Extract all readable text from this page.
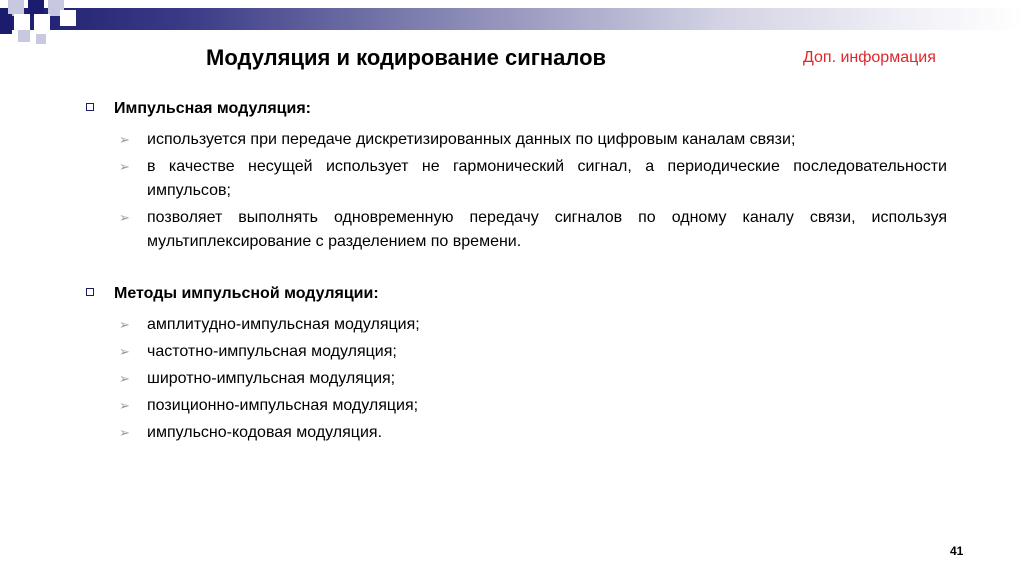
Модуляция и кодирование сигналов	Доп. информация
Импульсная модуляция:
➢	используется при передаче дискретизированных данных по цифровым каналам связи;
➢	в качестве несущей использует не гармонический сигнал, а периодические последовательности импульсов;
➢	позволяет выполнять одновременную передачу сигналов по одному каналу связи, используя мультиплексирование с разделением по времени.
Методы импульсной модуляции:
➢	амплитудно-импульсная модуляция;
➢	частотно-импульсная модуляция;
➢	широтно-импульсная модуляция;
➢	позиционно-импульсная модуляция;
➢	импульсно-кодовая модуляция.
41
